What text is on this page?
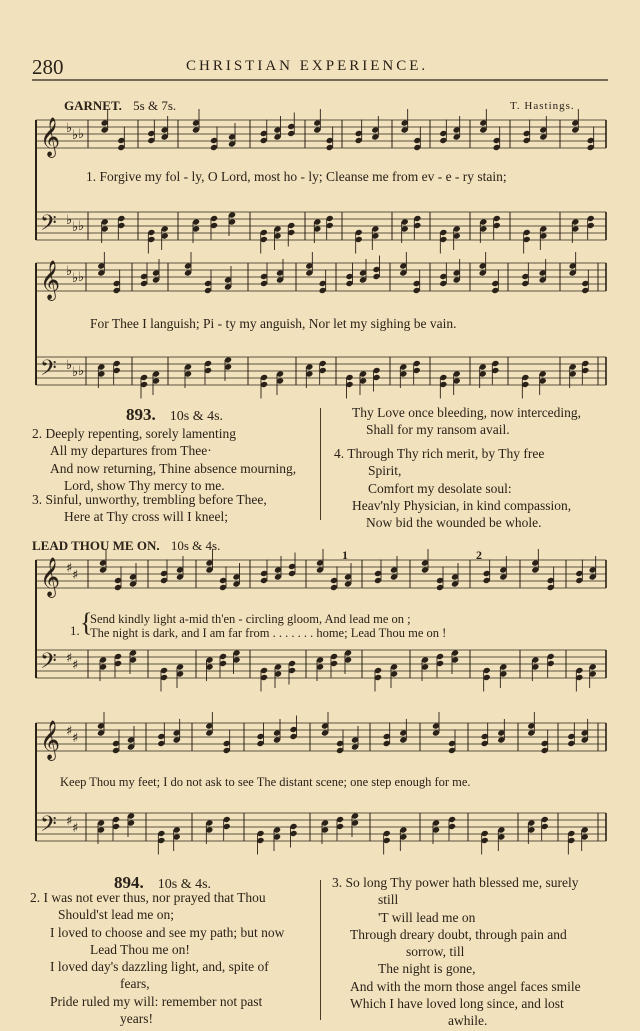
280	CHRISTIAN EXPERIENCE.
𝄞 ♭ ♭ ♭
𝄢 ♭ ♭ ♭
𝄞 ♭ ♭ ♭
𝄢 ♭ ♭ ♭
𝄞 ♯ ♯
𝄢 ♯ ♯
𝄞 ♯ ♯
𝄢 ♯ ♯
GARNET. 5s & 7s.	T. Hastings.
1. Forgive my fol - ly, O Lord, most ho - ly; Cleanse me from ev - e - ry stain;
For Thee I languish; Pi - ty my anguish, Nor let my sighing be vain.
893. 10s & 4s.
2. Deeply repenting, sorely lamenting
All my departures from Thee·
And now returning, Thine absence mourning,
Lord, show Thy mercy to me.
3. Sinful, unworthy, trembling before Thee,
Here at Thy cross will I kneel;
Thy Love once bleeding, now interceding,
Shall for my ransom avail.
4. Through Thy rich merit, by Thy free
Spirit,
Comfort my desolate soul:
Heav'nly Physician, in kind compassion,
Now bid the wounded be whole.
LEAD THOU ME ON. 10s & 4s.
1	2
1. {
Send kindly light a-mid th'en - circling gloom, And lead me on ;
The night is dark, and I am far from . . . . . . . home; Lead Thou me on !
Keep Thou my feet; I do not ask to see The distant scene; one step enough for me.
894. 10s & 4s.
2. I was not ever thus, nor prayed that Thou
Should'st lead me on;
I loved to choose and see my path; but now
Lead Thou me on!
I loved day's dazzling light, and, spite of
fears,
Pride ruled my will: remember not past
years!
3. So long Thy power hath blessed me, surely
still
'T will lead me on
Through dreary doubt, through pain and
sorrow, till
The night is gone,
And with the morn those angel faces smile
Which I have loved long since, and lost
awhile.
